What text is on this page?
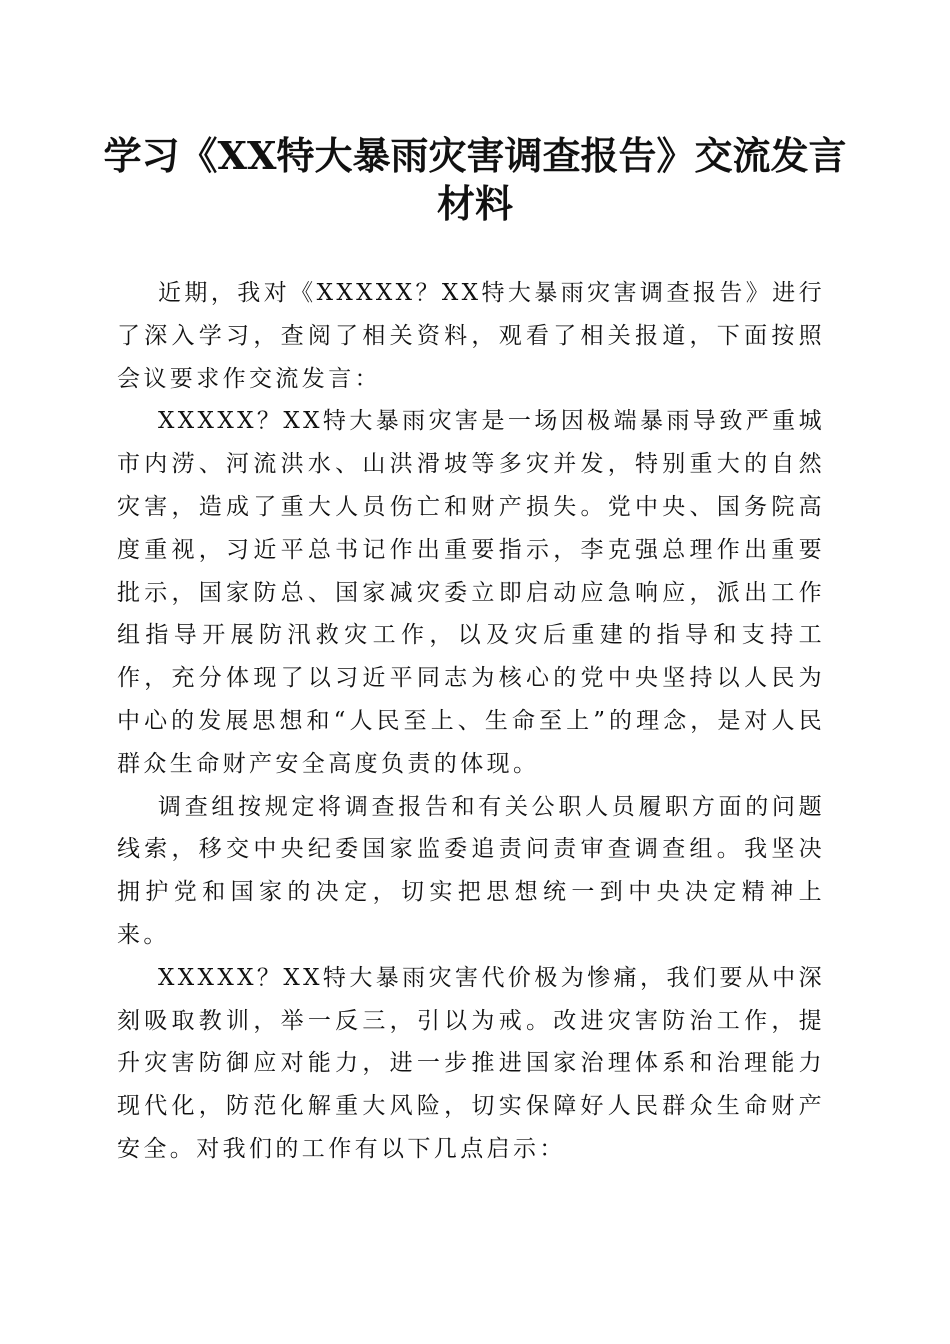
学习《XX特大暴雨灾害调查报告》交流发言
材料

近期，我对《XXXXX？XX特大暴雨灾害调查报告》进行了深入学习，查阅了相关资料，观看了相关报道，下面按照会议要求作交流发言：

XXXXX？XX特大暴雨灾害是一场因极端暴雨导致严重城市内涝、河流洪水、山洪滑坡等多灾并发，特别重大的自然灾害，造成了重大人员伤亡和财产损失。党中央、国务院高度重视，习近平总书记作出重要指示，李克强总理作出重要批示，国家防总、国家减灾委立即启动应急响应，派出工作组指导开展防汛救灾工作，以及灾后重建的指导和支持工作，充分体现了以习近平同志为核心的党中央坚持以人民为中心的发展思想和“人民至上、生命至上”的理念，是对人民群众生命财产安全高度负责的体现。

调查组按规定将调查报告和有关公职人员履职方面的问题线索，移交中央纪委国家监委追责问责审查调查组。我坚决拥护党和国家的决定，切实把思想统一到中央决定精神上来。

XXXXX？XX特大暴雨灾害代价极为惨痛，我们要从中深刻吸取教训，举一反三，引以为戒。改进灾害防治工作，提升灾害防御应对能力，进一步推进国家治理体系和治理能力现代化，防范化解重大风险，切实保障好人民群众生命财产安全。对我们的工作有以下几点启示：
